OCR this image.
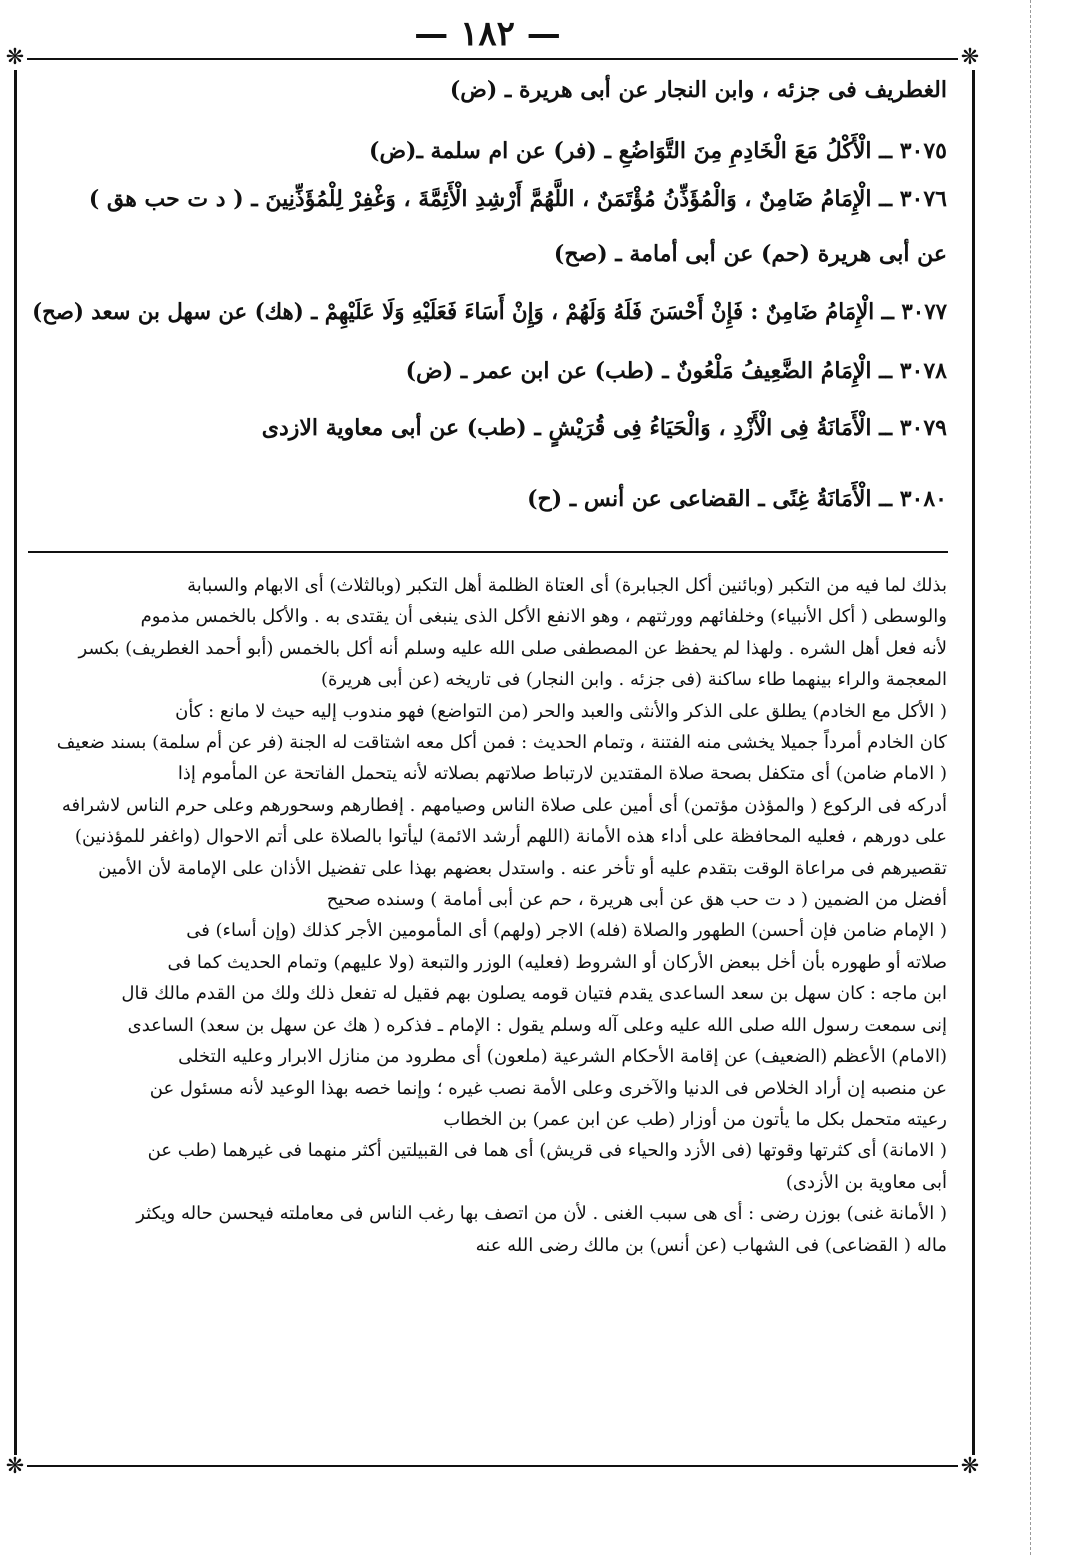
— ۱۸۲ —
❋	❋
❋	❋

الغطريف فى جزئه ، وابن النجار عن أبى هريرة ـ (ض)

٣٠٧٥ ــ الْأَكْلُ مَعَ الْخَادِمِ مِنَ التَّوَاضُعِ ـ (فر) عن ام سلمة ـ(ض)

٣٠٧٦ ــ الْإِمَامُ ضَامِنٌ ، وَالْمُؤَذِّنُ مُؤْتَمَنٌ ، اللَّهُمَّ أَرْشِدِ الْأَئِمَّةَ ، وَغْفِرْ لِلْمُؤَذِّنِينَ ـ ( د ت حب هق )

عن أبى هريرة (حم) عن أبى أمامة ـ (صح)

٣٠٧٧ ــ الْإِمَامُ ضَامِنٌ : فَإِنْ أَحْسَنَ فَلَهُ وَلَهُمْ ، وَإِنْ أَسَاءَ فَعَلَيْهِ وَلَا عَلَيْهِمْ ـ (هك) عن سهل بن سعد (صح)

٣٠٧٨ ــ الْإِمَامُ الضَّعِيفُ مَلْعُونٌ ـ (طب) عن ابن عمر ـ (ض)

٣٠٧٩ ــ الْأَمَانَةُ فِى الْأَزْدِ ، وَالْحَيَاءُ فِى قُرَيْشٍ ـ (طب) عن أبى معاوية الازدى

٣٠٨٠ ــ الْأَمَانَةُ غِنًى ـ القضاعى عن أنس ـ (ح)

بذلك لما فيه من التكبر (وبائنين أكل الجبابرة) أى العتاة الظلمة أهل التكبر (وبالثلاث) أى الابهام والسبابة

والوسطى ( أكل الأنبياء) وخلفائهم وورثتهم ، وهو الانفع الأكل الذى ينبغى أن يقتدى به . والأكل بالخمس مذموم

لأنه فعل أهل الشره . ولهذا لم يحفظ عن المصطفى صلى الله عليه وسلم أنه أكل بالخمس (أبو أحمد الغطريف) بكسر

المعجمة والراء بينهما طاء ساكنة (فى جزئه . وابن النجار) فى تاريخه (عن أبى هريرة)

( الأكل مع الخادم) يطلق على الذكر والأنثى والعبد والحر (من التواضع) فهو مندوب إليه حيث لا مانع : كأن

كان الخادم أمرداً جميلا يخشى منه الفتنة ، وتمام الحديث : فمن أكل معه اشتاقت له الجنة (فر عن أم سلمة) بسند ضعيف

( الامام ضامن) أى متكفل بصحة صلاة المقتدين لارتباط صلاتهم بصلاته لأنه يتحمل الفاتحة عن المأموم إذا

أدركه فى الركوع ( والمؤذن مؤتمن) أى أمين على صلاة الناس وصيامهم . إفطارهم وسحورهم وعلى حرم الناس لاشرافه

على دورهم ، فعليه المحافظة على أداء هذه الأمانة (اللهم أرشد الائمة) ليأتوا بالصلاة على أتم الاحوال (واغفر للمؤذنين)

تقصيرهم فى مراعاة الوقت بتقدم عليه أو تأخر عنه . واستدل بعضهم بهذا على تفضيل الأذان على الإمامة لأن الأمين

أفضل من الضمين ( د ت حب هق عن أبى هريرة ، حم عن أبى أمامة ) وسنده صحيح

( الإمام ضامن فإن أحسن) الطهور والصلاة (فله) الاجر (ولهم) أى المأمومين الأجر كذلك (وإن أساء) فى

صلاته أو طهوره بأن أخل ببعض الأركان أو الشروط (فعليه) الوزر والتبعة (ولا عليهم) وتمام الحديث كما فى

ابن ماجه : كان سهل بن سعد الساعدى يقدم فتيان قومه يصلون بهم فقيل له تفعل ذلك ولك من القدم مالك قال

إنى سمعت رسول الله صلى الله عليه وعلى آله وسلم يقول : الإمام ـ فذكره ( هك عن سهل بن سعد) الساعدى

(الامام) الأعظم (الضعيف) عن إقامة الأحكام الشرعية (ملعون) أى مطرود من منازل الابرار وعليه التخلى

عن منصبه إن أراد الخلاص فى الدنيا والآخرى وعلى الأمة نصب غيره ؛ وإنما خصه بهذا الوعيد لأنه مسئول عن

رعيته متحمل بكل ما يأتون من أوزار (طب عن ابن عمر) بن الخطاب

( الامانة) أى كثرتها وقوتها (فى الأزد والحياء فى قريش) أى هما فى القبيلتين أكثر منهما فى غيرهما (طب عن

أبى معاوية بن الأزدى)

( الأمانة غنى) بوزن رضى : أى هى سبب الغنى . لأن من اتصف بها رغب الناس فى معاملته فيحسن حاله ويكثر

ماله ( القضاعى) فى الشهاب (عن أنس) بن مالك رضى الله عنه
